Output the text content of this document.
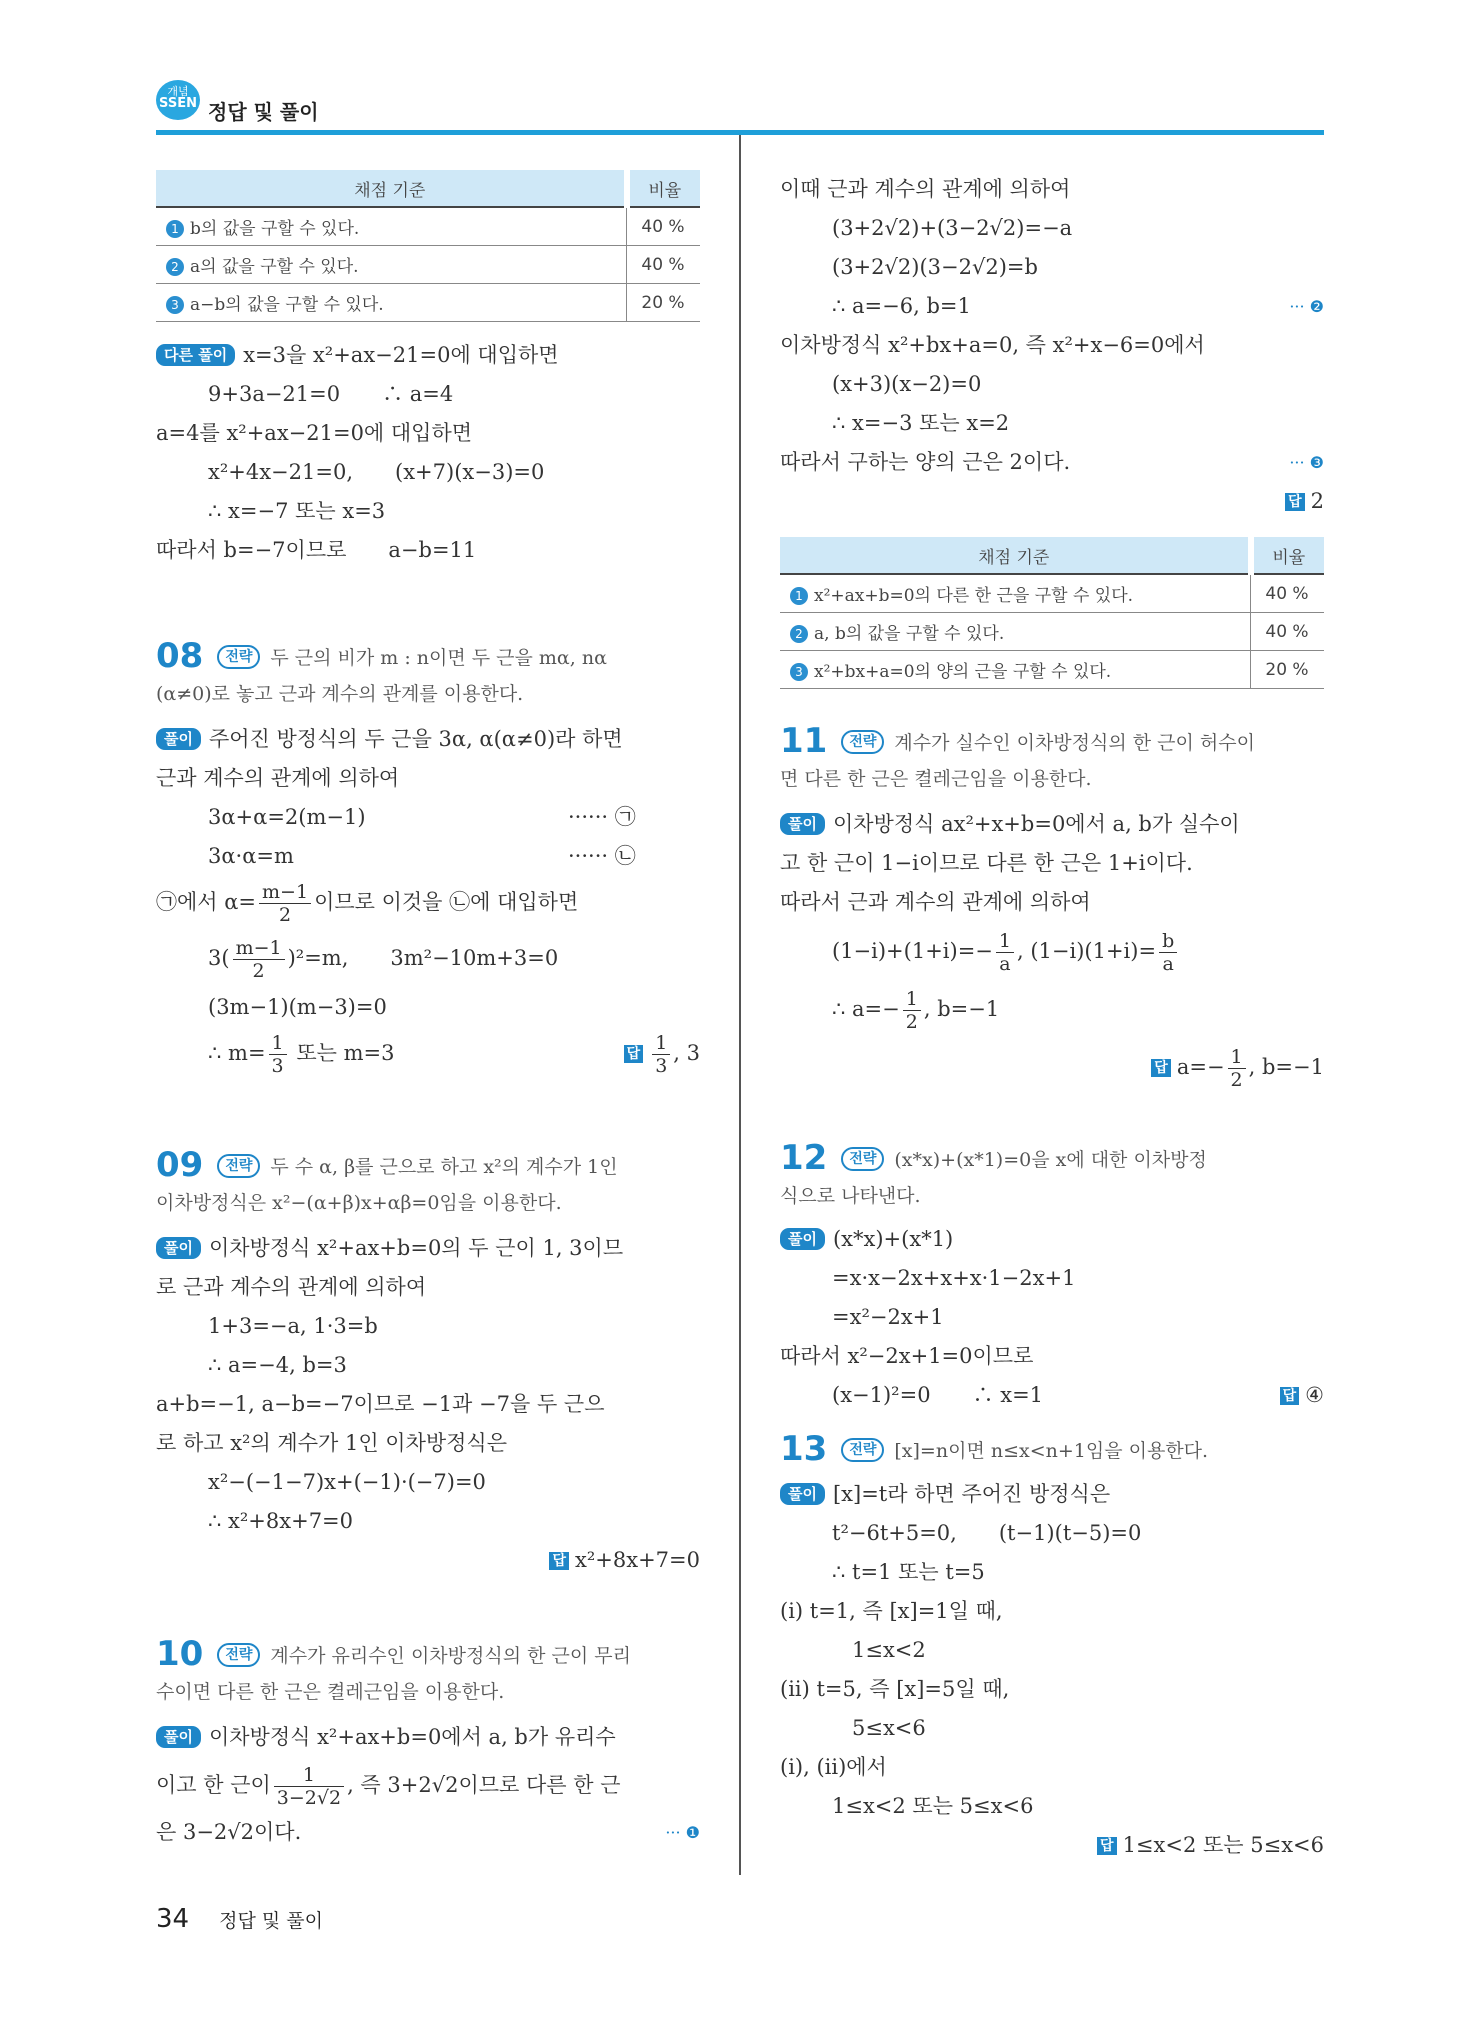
개념
SSEN 정답 및 풀이
채점 기준	비율
1 b의 값을 구할 수 있다.	40 %
2 a의 값을 구할 수 있다.	40 %
3 a−b의 값을 구할 수 있다.	20 %
다른 풀이 x=3을 x²+ax−21=0에 대입하면
9+3a−21=0　　∴ a=4
a=4를 x²+ax−21=0에 대입하면
x²+4x−21=0,　　(x+7)(x−3)=0
∴ x=−7 또는 x=3
따라서 b=−7이므로　　a−b=11
08 전략 두 근의 비가 m : n이면 두 근을 mα, nα
(α≠0)로 놓고 근과 계수의 관계를 이용한다.
풀이 주어진 방정식의 두 근을 3α, α(α≠0)라 하면
근과 계수의 관계에 의하여
3α+α=2(m−1)	······ ㉠
3α·α=m	······ ㉡
㉠에서 $\alpha= \frac{m-1}{2}$ 이므로 이것을 ㉡에 대입하면
$3( \frac{m-1}{2} )^2=m$,　　3m²−10m+3=0
(3m−1)(m−3)=0
∴ $m= \frac{1}{3}$ 또는 m=3	답 $\frac{1}{3}$ , 3
09 전략 두 수 α, β를 근으로 하고 x²의 계수가 1인
이차방정식은 x²−(α+β)x+αβ=0임을 이용한다.
풀이 이차방정식 x²+ax+b=0의 두 근이 1, 3이므
로 근과 계수의 관계에 의하여
1+3=−a, 1·3=b
∴ a=−4, b=3
a+b=−1, a−b=−7이므로 −1과 −7을 두 근으
로 하고 x²의 계수가 1인 이차방정식은
x²−(−1−7)x+(−1)·(−7)=0
∴ x²+8x+7=0
답 x²+8x+7=0
10 전략 계수가 유리수인 이차방정식의 한 근이 무리
수이면 다른 한 근은 켤레근임을 이용한다.
풀이 이차방정식 x²+ax+b=0에서 a, b가 유리수
이고 한 근이 $\frac{1}{3-2√2}$ , 즉 3+2√2이므로 다른 한 근
은 3−2√2이다.	··· ❶
이때 근과 계수의 관계에 의하여
(3+2√2)+(3−2√2)=−a
(3+2√2)(3−2√2)=b
∴ a=−6, b=1	··· ❷
이차방정식 x²+bx+a=0, 즉 x²+x−6=0에서
(x+3)(x−2)=0
∴ x=−3 또는 x=2
따라서 구하는 양의 근은 2이다.	··· ❸
답 2
채점 기준	비율
1 x²+ax+b=0의 다른 한 근을 구할 수 있다.	40 %
2 a, b의 값을 구할 수 있다.	40 %
3 x²+bx+a=0의 양의 근을 구할 수 있다.	20 %
11 전략 계수가 실수인 이차방정식의 한 근이 허수이
면 다른 한 근은 켤레근임을 이용한다.
풀이 이차방정식 ax²+x+b=0에서 a, b가 실수이
고 한 근이 1−i이므로 다른 한 근은 1+i이다.
따라서 근과 계수의 관계에 의하여
$(1-i)+(1+i)=- \frac{1}{a}$ , $(1-i)(1+i)= \frac{b}{a}$
∴ $a=- \frac{1}{2}$ , b=−1
답 $a=- \frac{1}{2}$ , b=−1
12 전략 (x*x)+(x*1)=0을 x에 대한 이차방정
식으로 나타낸다.
풀이 (x*x)+(x*1)
=x·x−2x+x+x·1−2x+1
=x²−2x+1
따라서 x²−2x+1=0이므로
(x−1)²=0　　∴ x=1	답 ④
13 전략 [x]=n이면 n≤x<n+1임을 이용한다.
풀이 [x]=t라 하면 주어진 방정식은
t²−6t+5=0,　　(t−1)(t−5)=0
∴ t=1 또는 t=5
(i) t=1, 즉 [x]=1일 때,
1≤x<2
(ii) t=5, 즉 [x]=5일 때,
5≤x<6
(i), (ii)에서
1≤x<2 또는 5≤x<6
답 1≤x<2 또는 5≤x<6
34 정답 및 풀이
